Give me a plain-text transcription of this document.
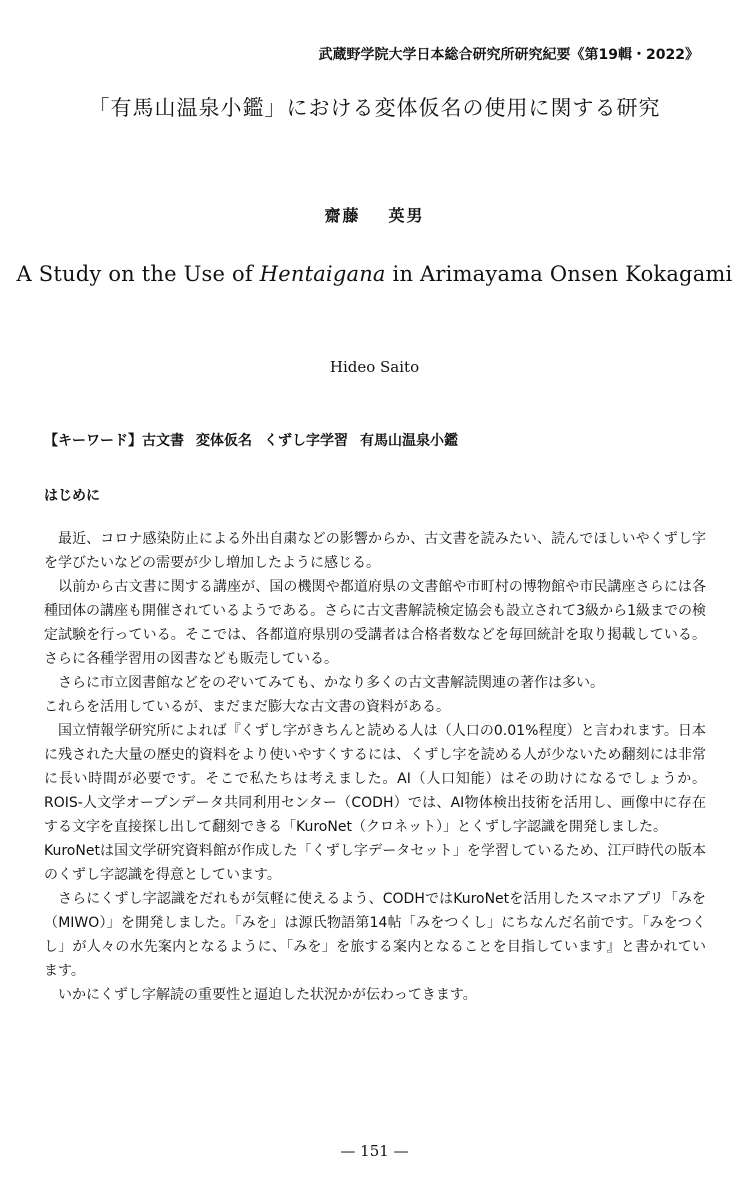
武蔵野学院大学日本総合研究所研究紀要《第19輯・2022》
「有馬山温泉小鑑」における変体仮名の使用に関する研究
齋藤 英男
A Study on the Use of Hentaigana in Arimayama Onsen Kokagami
Hideo Saito
【キーワード】古文書 変体仮名 くずし字学習 有馬山温泉小鑑
はじめに

最近、コロナ感染防止による外出自粛などの影響からか、古文書を読みたい、読んでほしいやくずし字を学びたいなどの需要が少し増加したように感じる。

以前から古文書に関する講座が、国の機関や都道府県の文書館や市町村の博物館や市民講座さらには各種団体の講座も開催されているようである。さらに古文書解読検定協会も設立されて3級から1級までの検定試験を行っている。そこでは、各都道府県別の受講者は合格者数などを毎回統計を取り掲載している。さらに各種学習用の図書なども販売している。

さらに市立図書館などをのぞいてみても、かなり多くの古文書解読関連の著作は多い。

これらを活用しているが、まだまだ膨大な古文書の資料がある。

国立情報学研究所によれば『くずし字がきちんと読める人は（人口の0.01%程度）と言われます。日本に残された大量の歴史的資料をより使いやすくするには、くずし字を読める人が少ないため翻刻には非常に長い時間が必要です。そこで私たちは考えました。AI（人口知能）はその助けになるでしょうか。ROIS-人文学オープンデータ共同利用センター（CODH）では、AI物体検出技術を活用し、画像中に存在する文字を直接探し出して翻刻できる「KuroNet（クロネット）」とくずし字認識を開発しました。

KuroNetは国文学研究資料館が作成した「くずし字データセット」を学習しているため、江戸時代の版本のくずし字認識を得意としています。

さらにくずし字認識をだれもが気軽に使えるよう、CODHではKuroNetを活用したスマホアプリ「みを（MIWO）」を開発しました。「みを」は源氏物語第14帖「みをつくし」にちなんだ名前です。「みをつくし」が人々の水先案内となるように、「みを」を旅する案内となることを目指しています』と書かれています。

いかにくずし字解読の重要性と逼迫した状況かが伝わってきます。

— 151 —
